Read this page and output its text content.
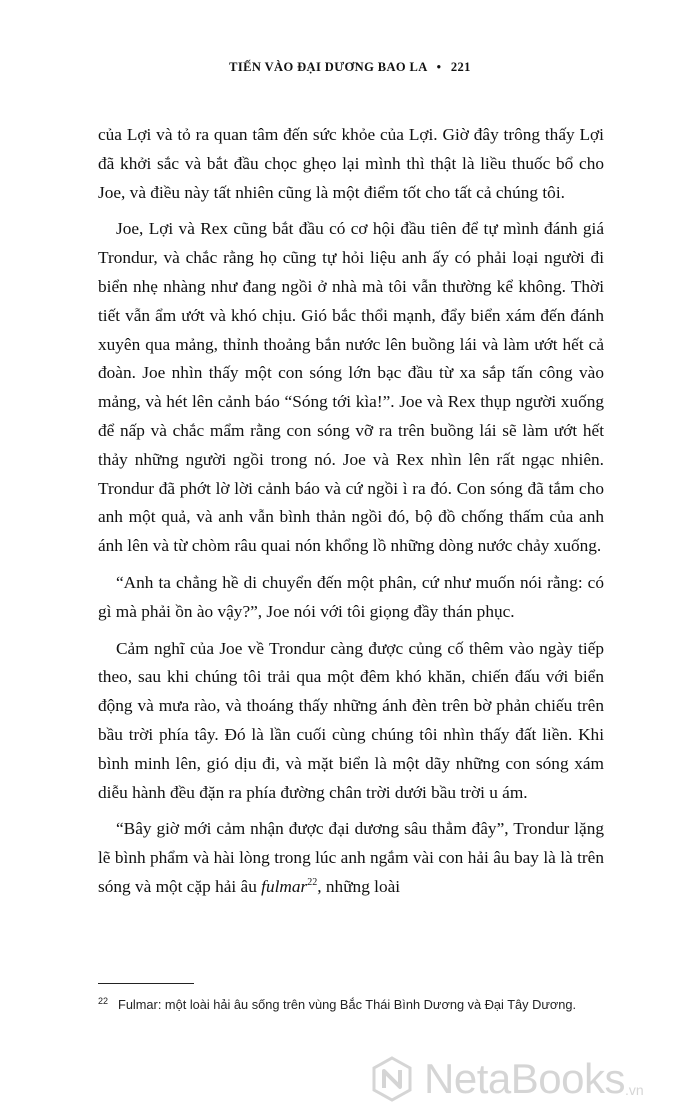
TIẾN VÀO ĐẠI DƯƠNG BAO LA • 221

của Lợi và tỏ ra quan tâm đến sức khỏe của Lợi. Giờ đây trông thấy Lợi đã khởi sắc và bắt đầu chọc ghẹo lại mình thì thật là liều thuốc bổ cho Joe, và điều này tất nhiên cũng là một điểm tốt cho tất cả chúng tôi.

Joe, Lợi và Rex cũng bắt đầu có cơ hội đầu tiên để tự mình đánh giá Trondur, và chắc rằng họ cũng tự hỏi liệu anh ấy có phải loại người đi biển nhẹ nhàng như đang ngồi ở nhà mà tôi vẫn thường kể không. Thời tiết vẫn ẩm ướt và khó chịu. Gió bắc thổi mạnh, đẩy biển xám đến đánh xuyên qua mảng, thỉnh thoảng bắn nước lên buồng lái và làm ướt hết cả đoàn. Joe nhìn thấy một con sóng lớn bạc đầu từ xa sắp tấn công vào mảng, và hét lên cảnh báo “Sóng tới kìa!”. Joe và Rex thụp người xuống để nấp và chắc mẩm rằng con sóng vỡ ra trên buồng lái sẽ làm ướt hết thảy những người ngồi trong nó. Joe và Rex nhìn lên rất ngạc nhiên. Trondur đã phớt lờ lời cảnh báo và cứ ngồi ì ra đó. Con sóng đã tắm cho anh một quả, và anh vẫn bình thản ngồi đó, bộ đồ chống thấm của anh ánh lên và từ chòm râu quai nón khổng lồ những dòng nước chảy xuống.

“Anh ta chẳng hề di chuyển đến một phân, cứ như muốn nói rằng: có gì mà phải ồn ào vậy?”, Joe nói với tôi giọng đầy thán phục.

Cảm nghĩ của Joe về Trondur càng được củng cố thêm vào ngày tiếp theo, sau khi chúng tôi trải qua một đêm khó khăn, chiến đấu với biển động và mưa rào, và thoáng thấy những ánh đèn trên bờ phản chiếu trên bầu trời phía tây. Đó là lần cuối cùng chúng tôi nhìn thấy đất liền. Khi bình minh lên, gió dịu đi, và mặt biển là một dãy những con sóng xám diễu hành đều đặn ra phía đường chân trời dưới bầu trời u ám.

“Bây giờ mới cảm nhận được đại dương sâu thẳm đây”, Trondur lặng lẽ bình phẩm và hài lòng trong lúc anh ngắm vài con hải âu bay là là trên sóng và một cặp hải âu fulmar$^{22}$, những loài

22 Fulmar: một loài hải âu sống trên vùng Bắc Thái Bình Dương và Đại Tây Dương.
NetaBooks .vn
